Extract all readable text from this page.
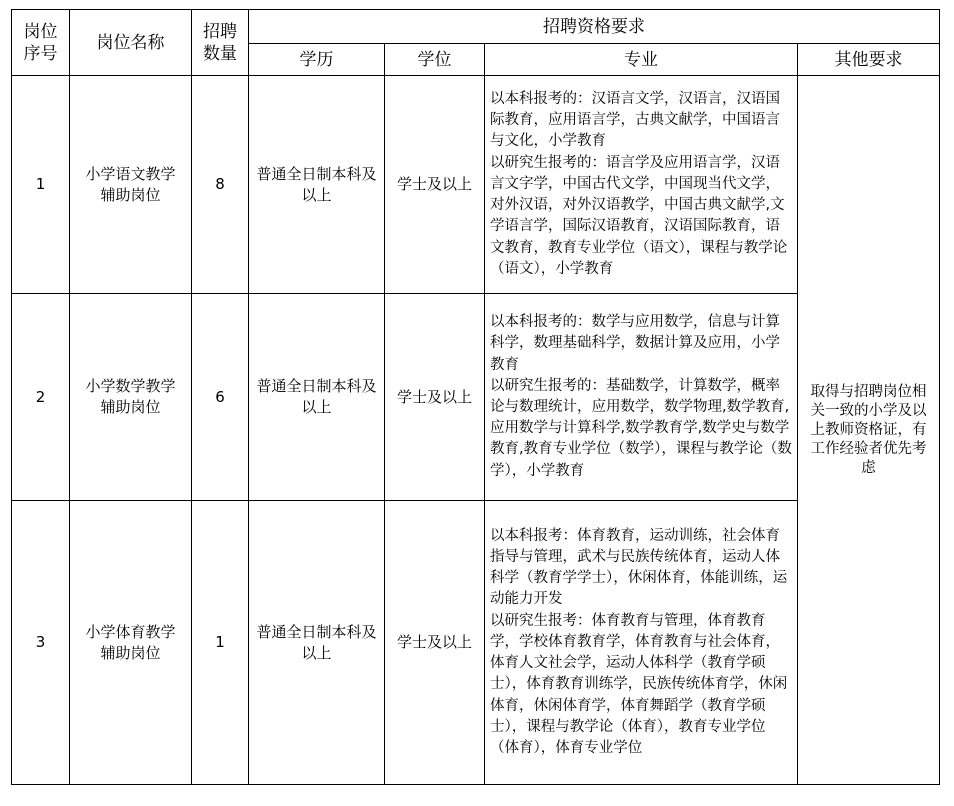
岗位序号	岗位名称	招聘数量	招聘资格要求			
			学历	学位	专业	其他要求
1	小学语文教学辅助岗位	8	普通全日制本科及以上	学士及以上	以本科报考的：汉语言文学，汉语言，汉语国际教育，应用语言学，古典文献学，中国语言与文化，小学教育
以研究生报考的：语言学及应用语言学，汉语言文字学，中国古代文学，中国现当代文学，对外汉语，对外汉语教学，中国古典文献学,文学语言学，国际汉语教育，汉语国际教育，语文教育，教育专业学位（语文），课程与教学论（语文），小学教育	取得与招聘岗位相关一致的小学及以上教师资格证，有工作经验者优先考虑

2	小学数学教学辅助岗位	6	普通全日制本科及以上	学士及以上	以本科报考的：数学与应用数学，信息与计算科学，数理基础科学，数据计算及应用，小学教育
以研究生报考的：基础数学，计算数学，概率论与数理统计，应用数学，数学物理,数学教育,应用数学与计算科学,数学教育学,数学史与数学教育,教育专业学位（数学），课程与教学论（数学），小学教育	

3	小学体育教学辅助岗位	1	普通全日制本科及以上	学士及以上	以本科报考：体育教育，运动训练，社会体育指导与管理，武术与民族传统体育，运动人体科学（教育学学士），休闲体育，体能训练，运动能力开发
以研究生报考：体育教育与管理，体育教育学，学校体育教育学，体育教育与社会体育，体育人文社会学，运动人体科学（教育学硕士），体育教育训练学，民族传统体育学，休闲体育，休闲体育学，体育舞蹈学（教育学硕士），课程与教学论（体育），教育专业学位（体育），体育专业学位	
